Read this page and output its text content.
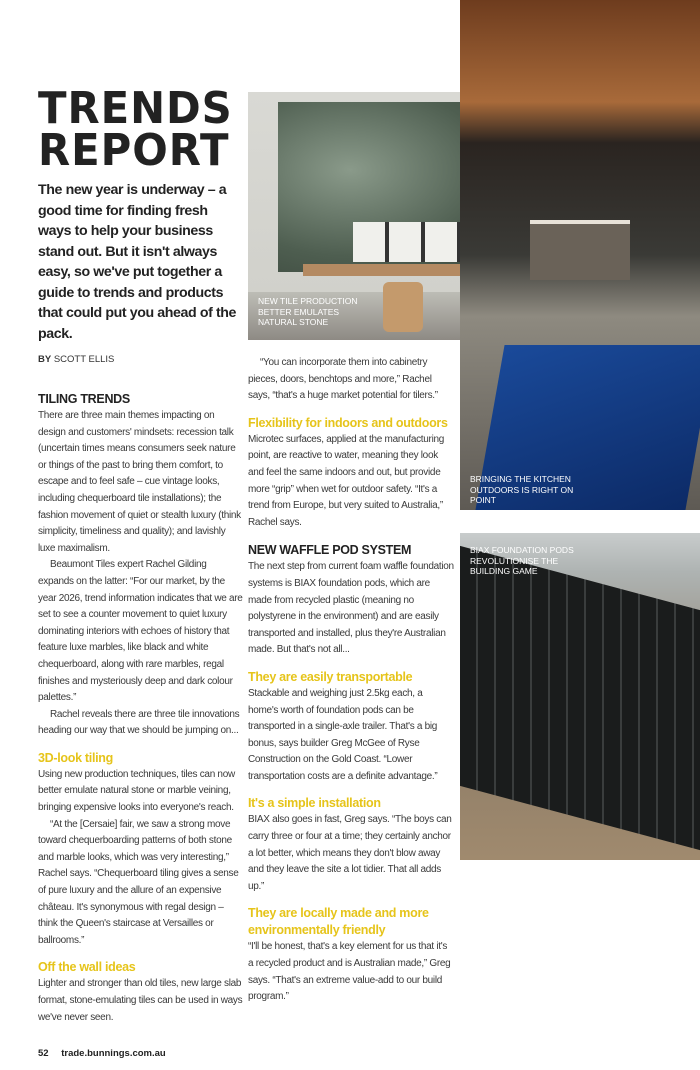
NEW TILE PRODUCTION BETTER EMULATES NATURAL STONE
BRINGING THE KITCHEN OUTDOORS IS RIGHT ON POINT
BIAX FOUNDATION PODS REVOLUTIONISE THE BUILDING GAME
TRENDS
REPORT
The new year is underway – a good time for finding fresh ways to help your business stand out. But it isn't always easy, so we've put together a guide to trends and products that could put you ahead of the pack.
BY SCOTT ELLIS
TILING TRENDS

There are three main themes impacting on design and customers' mindsets: recession talk (uncertain times means consumers seek nature or things of the past to bring them comfort, to escape and to feel safe – cue vintage looks, including chequerboard tile installations); the fashion movement of quiet or stealth luxury (think simplicity, timeliness and quality); and lavishly luxe maximalism.

Beaumont Tiles expert Rachel Gilding expands on the latter: “For our market, by the year 2026, trend information indicates that we are set to see a counter movement to quiet luxury dominating interiors with echoes of history that feature luxe marbles, like black and white chequerboard, along with rare marbles, regal finishes and mysteriously deep and dark colour palettes.”

Rachel reveals there are three tile innovations heading our way that we should be jumping on...

3D-look tiling

Using new production techniques, tiles can now better emulate natural stone or marble veining, bringing expensive looks into everyone's reach.

“At the [Cersaie] fair, we saw a strong move toward chequerboarding patterns of both stone and marble looks, which was very interesting,” Rachel says. “Chequerboard tiling gives a sense of pure luxury and the allure of an expensive château. It's synonymous with regal design – think the Queen's staircase at Versailles or ballrooms.”

Off the wall ideas

Lighter and stronger than old tiles, new large slab format, stone-emulating tiles can be used in ways we've never seen.

52 trade.bunnings.com.au

“You can incorporate them into cabinetry pieces, doors, benchtops and more,” Rachel says, “that's a huge market potential for tilers.”

Flexibility for indoors and outdoors

Microtec surfaces, applied at the manufacturing point, are reactive to water, meaning they look and feel the same indoors and out, but provide more “grip” when wet for outdoor safety. “It's a trend from Europe, but very suited to Australia,” Rachel says.

NEW WAFFLE POD SYSTEM

The next step from current foam waffle foundation systems is BIAX foundation pods, which are made from recycled plastic (meaning no polystyrene in the environment) and are easily transported and installed, plus they're Australian made. But that's not all...

They are easily transportable

Stackable and weighing just 2.5kg each, a home's worth of foundation pods can be transported in a single-axle trailer. That's a big bonus, says builder Greg McGee of Ryse Construction on the Gold Coast. “Lower transportation costs are a definite advantage.”

It's a simple installation

BIAX also goes in fast, Greg says. “The boys can carry three or four at a time; they certainly anchor a lot better, which means they don't blow away and they leave the site a lot tidier. That all adds up.”

They are locally made and more environmentally friendly

“I'll be honest, that's a key element for us that it's a recycled product and is Australian made,” Greg says. “That's an extreme value-add to our build program.”
